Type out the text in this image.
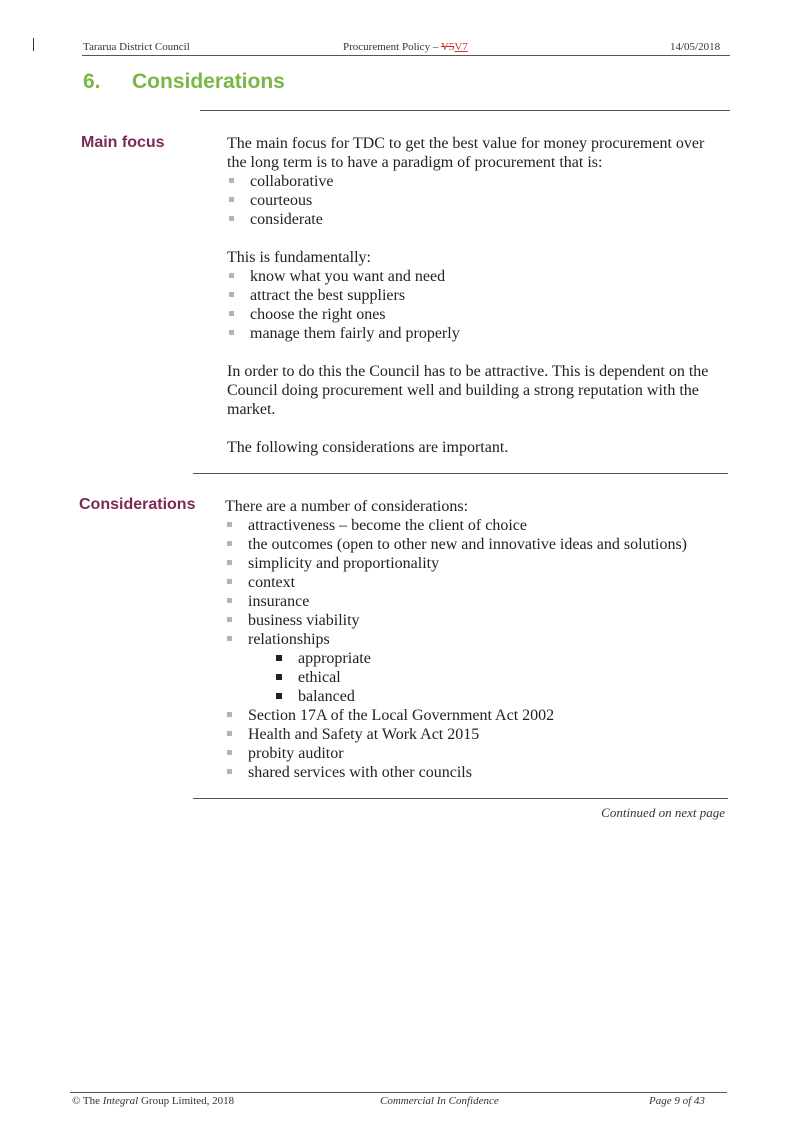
Tararua District Council	Procurement Policy – V5V7	14/05/2018
6. Considerations
Main focus	The main focus for TDC to get the best value for money procurement over the long term is to have a paradigm of procurement that is:

collaborative
courteous
considerate

This is fundamentally:

know what you want and need
attract the best suppliers
choose the right ones
manage them fairly and properly

In order to do this the Council has to be attractive. This is dependent on the Council doing procurement well and building a strong reputation with the market.

The following considerations are important.

Considerations There are a number of considerations:

attractiveness – become the client of choice
the outcomes (open to other new and innovative ideas and solutions)
simplicity and proportionality
context
insurance
business viability
relationships
appropriate
ethical
balanced
Section 17A of the Local Government Act 2002
Health and Safety at Work Act 2015
probity auditor
shared services with other councils
Continued on next page
© The Integral Group Limited, 2018	Commercial In Confidence	Page 9 of 43
